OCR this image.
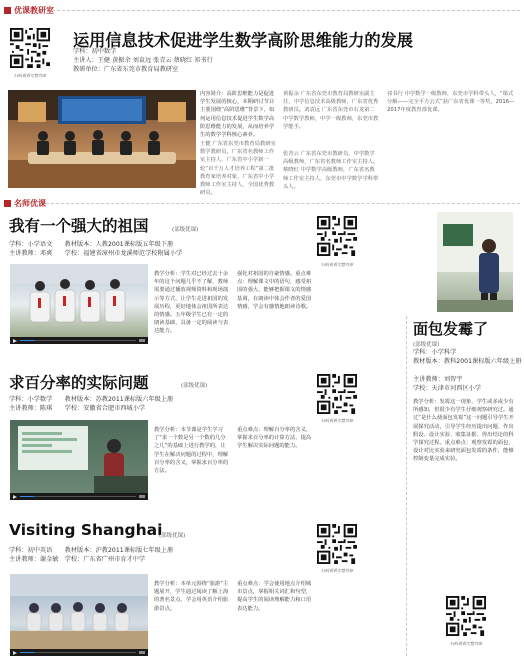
优课教研室
扫码观看完整资源
运用信息技术促进学生数学高阶思维能力的发展
学科：初中数学
主讲人：王健 黄振余 刘袁远 张青云 蔡晓红 祁书行
教研单位：广东省东莞市教育局教研室
内容简介：高阶思维能力是促进学生发展的核心，本期研讨节目主要围绕“高阶思维”背景下，如何运用信息技术促进学生数学高阶思维能力的发展，从而培养学生的数学学科核心素养。
王健 广东省东莞市教育局教研室数学教研员，广东省名教师工作室主持人，广东省中小学新一轮“百千万人才培养工程”第二批教育家培养对象，广东省中小学教师工作室主持人，全国优秀教研员。
黄振余 广东省东莞市教育局教研室副主任，中学信息技术高级教师，广东省优秀教研员。刘袁远 广东省东莞市石龙第二中学数学教师，中学一级教师，东莞市教学能手。
张青云 广东省东莞市教研员，中学数学高级教师，广东省名教师工作室主持人。蔡晓红 中学数学高级教师，广东省名教师工作室主持人，东莞市中学数学学科带头人。
祁书行 中学数学一级教师，东莞市学科带头人，“课式分解——完全平方公式”获广东省优课一等奖，2016—2017年度教育部优课。
名师优课
我有一个强大的祖国	(部级优课)
学科：小学语文　　教材版本：人教2001课标版五年级下册
主讲教师：邓爽　　学校：福建省漳州市龙溪师范学校附属小学
扫码观看完整资源
教学分析：学生对已经过去十余年的这个问题几乎不了解，教师需要通过播放视频资料和现场演示等方式，让学生走进祖国的发展历程，更好地体会祖国所表达的情感。五年级学生已有一定的朗读基础，具备一定的阅读与表达能力。
强化对祖国的自豪情感。重点难点：理解课文中的语句，感受祖国的强大，能够把握课文的情感基调，在朗读中体会作者的爱国情感，学会有感情地朗读诗歌。
面包发霉了
(部级优课)
学科：小学科学
教材版本：教科2001课标版六年级上册
主讲教师：刘智宇
学校：天津市河西区小学
教学分析：发霉这一现象，学生或多或少有所感知，但很少有学生仔细观察研究过。通过“是什么使面包发霉”这一问题引导学生开展探究活动，引导学生经历提出问题、作出假设、设计实验、收集证据、得出结论的科学探究过程。重点难点：观察发霉的面包，设计对比实验来研究面包发霉的条件，能够控制变量完成实验。
扫码观看完整资源
求百分率的实际问题	(部级优课)
学科：小学数学　　教材版本：苏教2011课标版六年级上册
主讲教师：陈琪　　学校：安徽省合肥市西城小学
扫码观看完整资源
教学分析：本节课是学生学习了“求一个数是另一个数的几分之几”的基础上进行教学的，让学生在解决问题的过程中，理解百分率的含义，掌握求百分率的方法。
重点难点：理解百分率的含义，掌握求百分率的计算方法，提高学生解决实际问题的能力。
Visiting Shanghai
(部级优课)
学科：初中英语　　教材版本：沪教2011课标版七年级上册
主讲教师：谢金敏　学校：广东省广州市育才中学
扫码观看完整资源
教学分析：本单元围绕“旅游”主题展开，学生通过阅读了解上海的著名景点，学会用英语介绍旅游景点。
重点难点：学会使用地点介绍城市景点，掌握相关词汇和句型，提高学生的阅读理解能力和口语表达能力。
